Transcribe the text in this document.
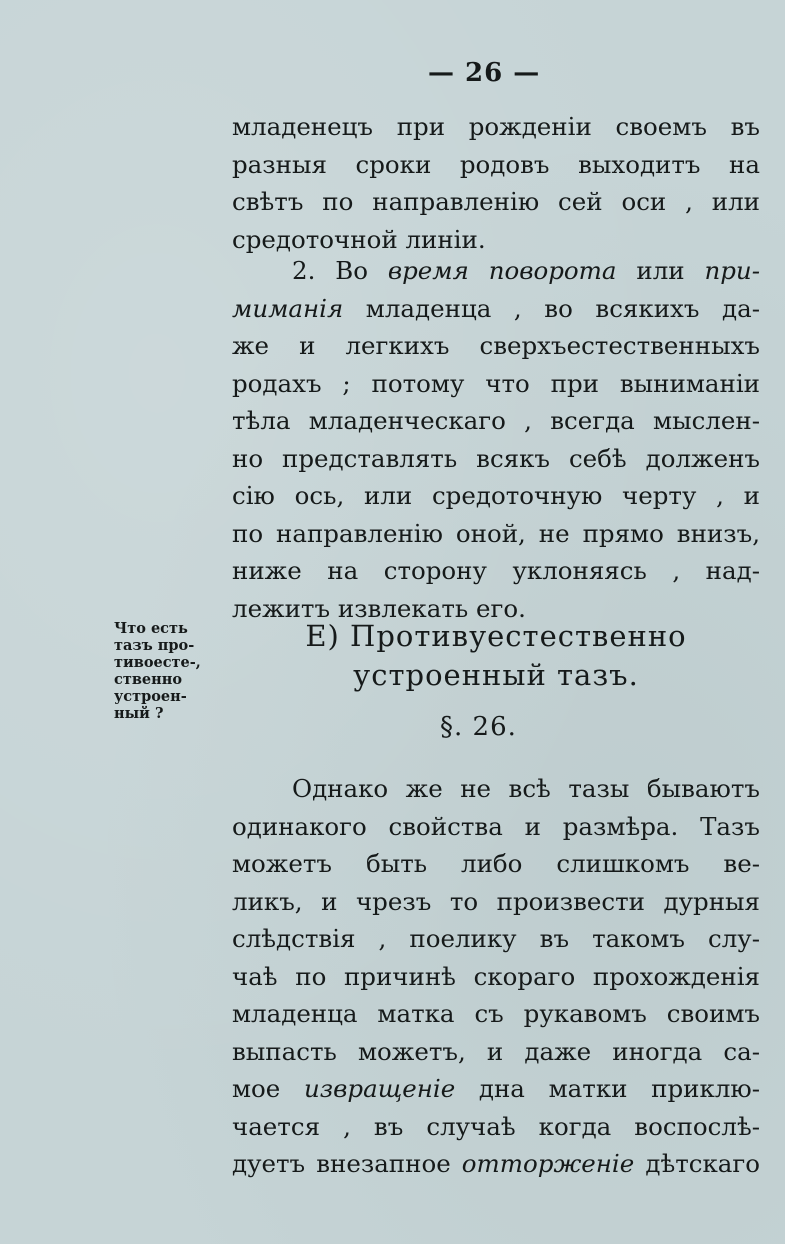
— 26 —
младенецъ при рожденіи своемъ въ
разныя сроки родовъ выходитъ на
свѣтъ по направленію сей оси , или
средоточной линіи.
2. Во время поворота или при-
миманія младенца , во всякихъ да-
же и легкихъ сверхъестественныхъ
родахъ ; потому что при выниманіи
тѣла младенческаго , всегда мыслен-
но представлять всякъ себѣ долженъ
сію ось, или средоточную черту , и
по направленію оной, не прямо внизъ,
ниже на сторону уклоняясь , над-
лежитъ извлекать его.
Что есть
тазъ про-
тивоесте-,
ственно
устроен-
ный ?
Е) Противуестественно
устроенный тазъ.
§. 26.
Однако же не всѣ тазы бываютъ
одинакого свойства и размѣра. Тазъ
можетъ быть либо слишкомъ ве-
ликъ, и чрезъ то произвести дурныя
слѣдствія , поелику въ такомъ слу-
чаѣ по причинѣ скораго прохожденія
младенца матка съ рукавомъ своимъ
выпасть можетъ, и даже иногда са-
мое извращеніе дна матки приклю-
чается , въ случаѣ когда воспослѣ-
дуетъ внезапное отторженіе дѣтскаго
